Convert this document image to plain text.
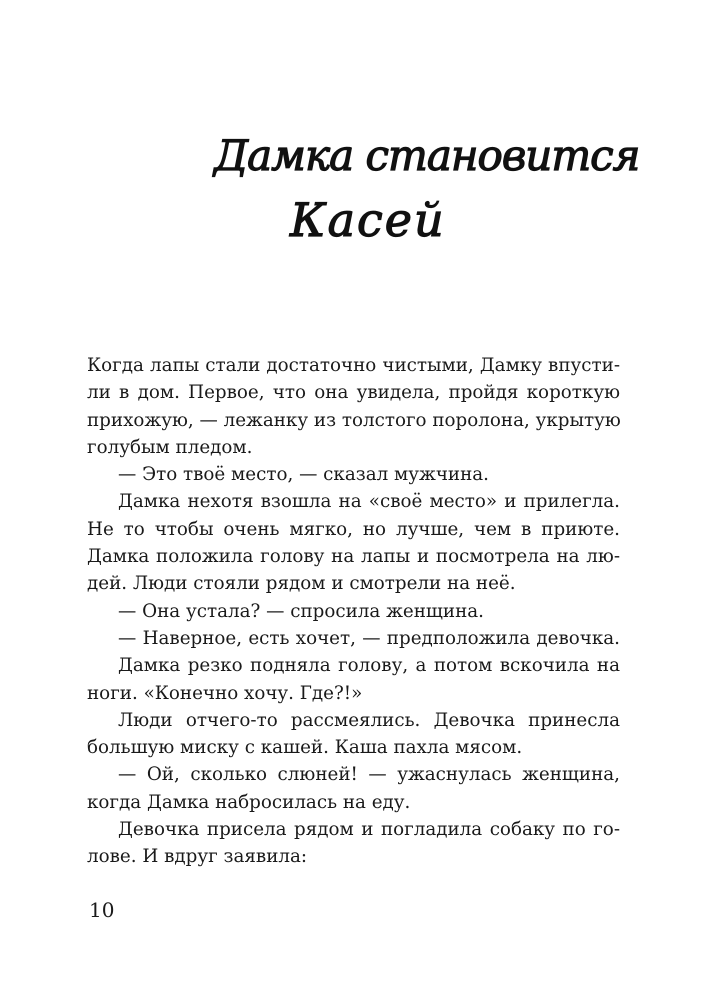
Дамка становится
Касей
Когда лапы стали достаточно чистыми, Дамку впусти-
ли в дом. Первое, что она увидела, пройдя короткую
прихожую, — лежанку из толстого поролона, укрытую
голубым пледом.
— Это твоё место, — сказал мужчина.
Дамка нехотя взошла на «своё место» и прилегла.
Не то чтобы очень мягко, но лучше, чем в приюте.
Дамка положила голову на лапы и посмотрела на лю-
дей. Люди стояли рядом и смотрели на неё.
— Она устала? — спросила женщина.
— Наверное, есть хочет, — предположила девочка.
Дамка резко подняла голову, а потом вскочила на
ноги. «Конечно хочу. Где?!»
Люди отчего-то рассмеялись. Девочка принесла
большую миску с кашей. Каша пахла мясом.
— Ой, сколько слюней! — ужаснулась женщина,
когда Дамка набросилась на еду.
Девочка присела рядом и погладила собаку по го-
лове. И вдруг заявила:
10
